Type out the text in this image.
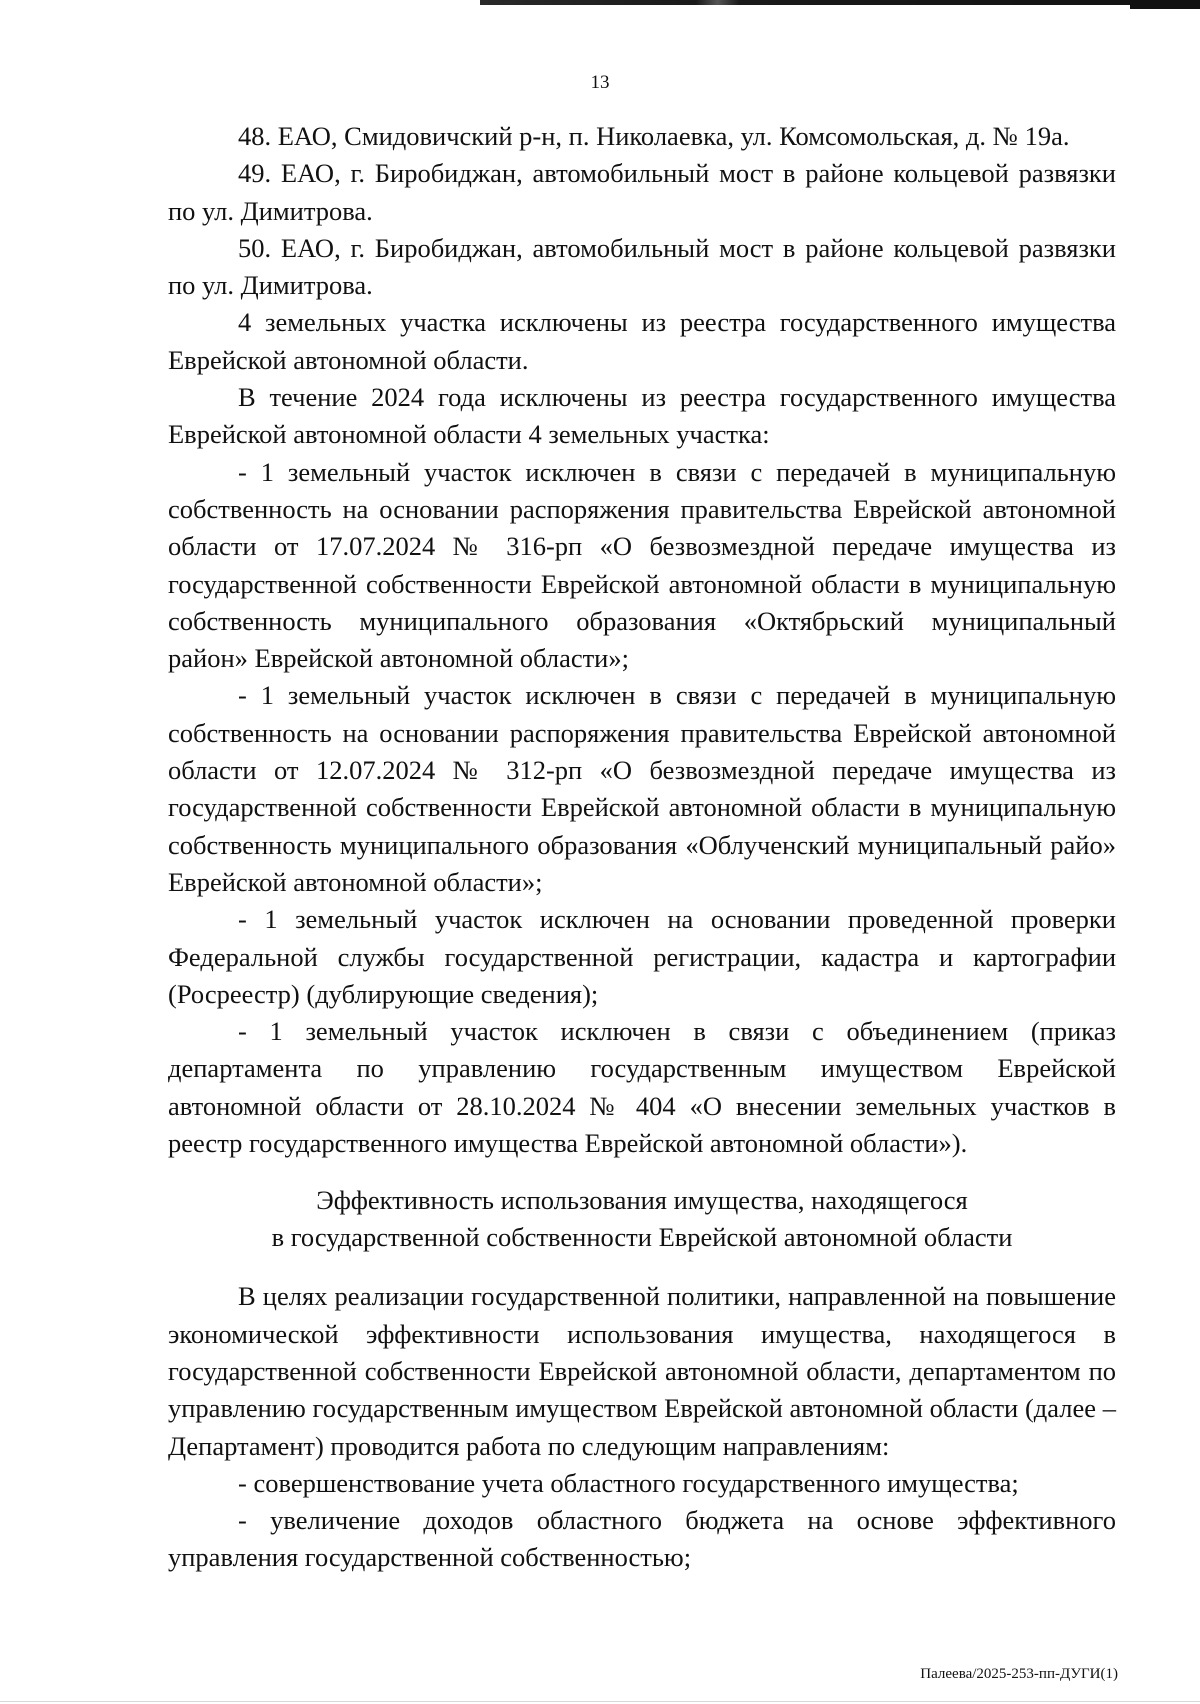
13

48. ЕАО, Смидовичский р-н, п. Николаевка, ул. Комсомольская, д. № 19а.

49. ЕАО, г. Биробиджан, автомобильный мост в районе кольцевой развязки по ул. Димитрова.

50. ЕАО, г. Биробиджан, автомобильный мост в районе кольцевой развязки по ул. Димитрова.

4 земельных участка исключены из реестра государственного имущества Еврейской автономной области.

В течение 2024 года исключены из реестра государственного имущества Еврейской автономной области 4 земельных участка:

- 1 земельный участок исключен в связи с передачей в муниципальную собственность на основании распоряжения правительства Еврейской автономной области от 17.07.2024 № 316-рп «О безвозмездной передаче имущества из государственной собственности Еврейской автономной области в муниципальную собственность муниципального образования «Октябрьский муниципальный район» Еврейской автономной области»;

- 1 земельный участок исключен в связи с передачей в муниципальную собственность на основании распоряжения правительства Еврейской автономной области от 12.07.2024 № 312-рп «О безвозмездной передаче имущества из государственной собственности Еврейской автономной области в муниципальную собственность муниципального образования «Облученский муниципальный райо» Еврейской автономной области»;

- 1 земельный участок исключен на основании проведенной проверки Федеральной службы государственной регистрации, кадастра и картографии (Росреестр) (дублирующие сведения);

- 1 земельный участок исключен в связи с объединением (приказ департамента по управлению государственным имуществом Еврейской автономной области от 28.10.2024 № 404 «О внесении земельных участков в реестр государственного имущества Еврейской автономной области»).

Эффективность использования имущества, находящегося
в государственной собственности Еврейской автономной области

В целях реализации государственной политики, направленной на повышение экономической эффективности использования имущества, находящегося в государственной собственности Еврейской автономной области, департаментом по управлению государственным имуществом Еврейской автономной области (далее – Департамент) проводится работа по следующим направлениям:

- совершенствование учета областного государственного имущества;

- увеличение доходов областного бюджета на основе эффективного управления государственной собственностью;

Палеева/2025-253-пп-ДУГИ(1)
